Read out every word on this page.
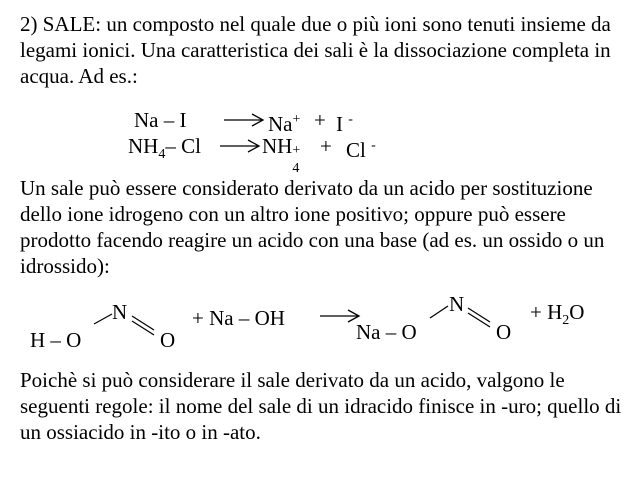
2) SALE: un composto nel quale due o più ioni sono tenuti insieme da legami ionici. Una caratteristica dei sali è la dissociazione completa in acqua. Ad es.:

Na – I	Na+ + I -
$NH_4-$ Cl	NH +
4
+ Cl -

Un sale può essere considerato derivato da un acido per sostituzione dello ione idrogeno con un altro ione positivo; oppure può essere prodotto facendo reagire un acido con una base (ad es. un ossido o un idrossido):

H – O
N
O
+ Na – OH
Na – O
N
O
+ $H_2O$

Poichè si può considerare il sale derivato da un acido, valgono le seguenti regole: il nome del sale di un idracido finisce in -uro; quello di un ossiacido in -ito o in -ato.
